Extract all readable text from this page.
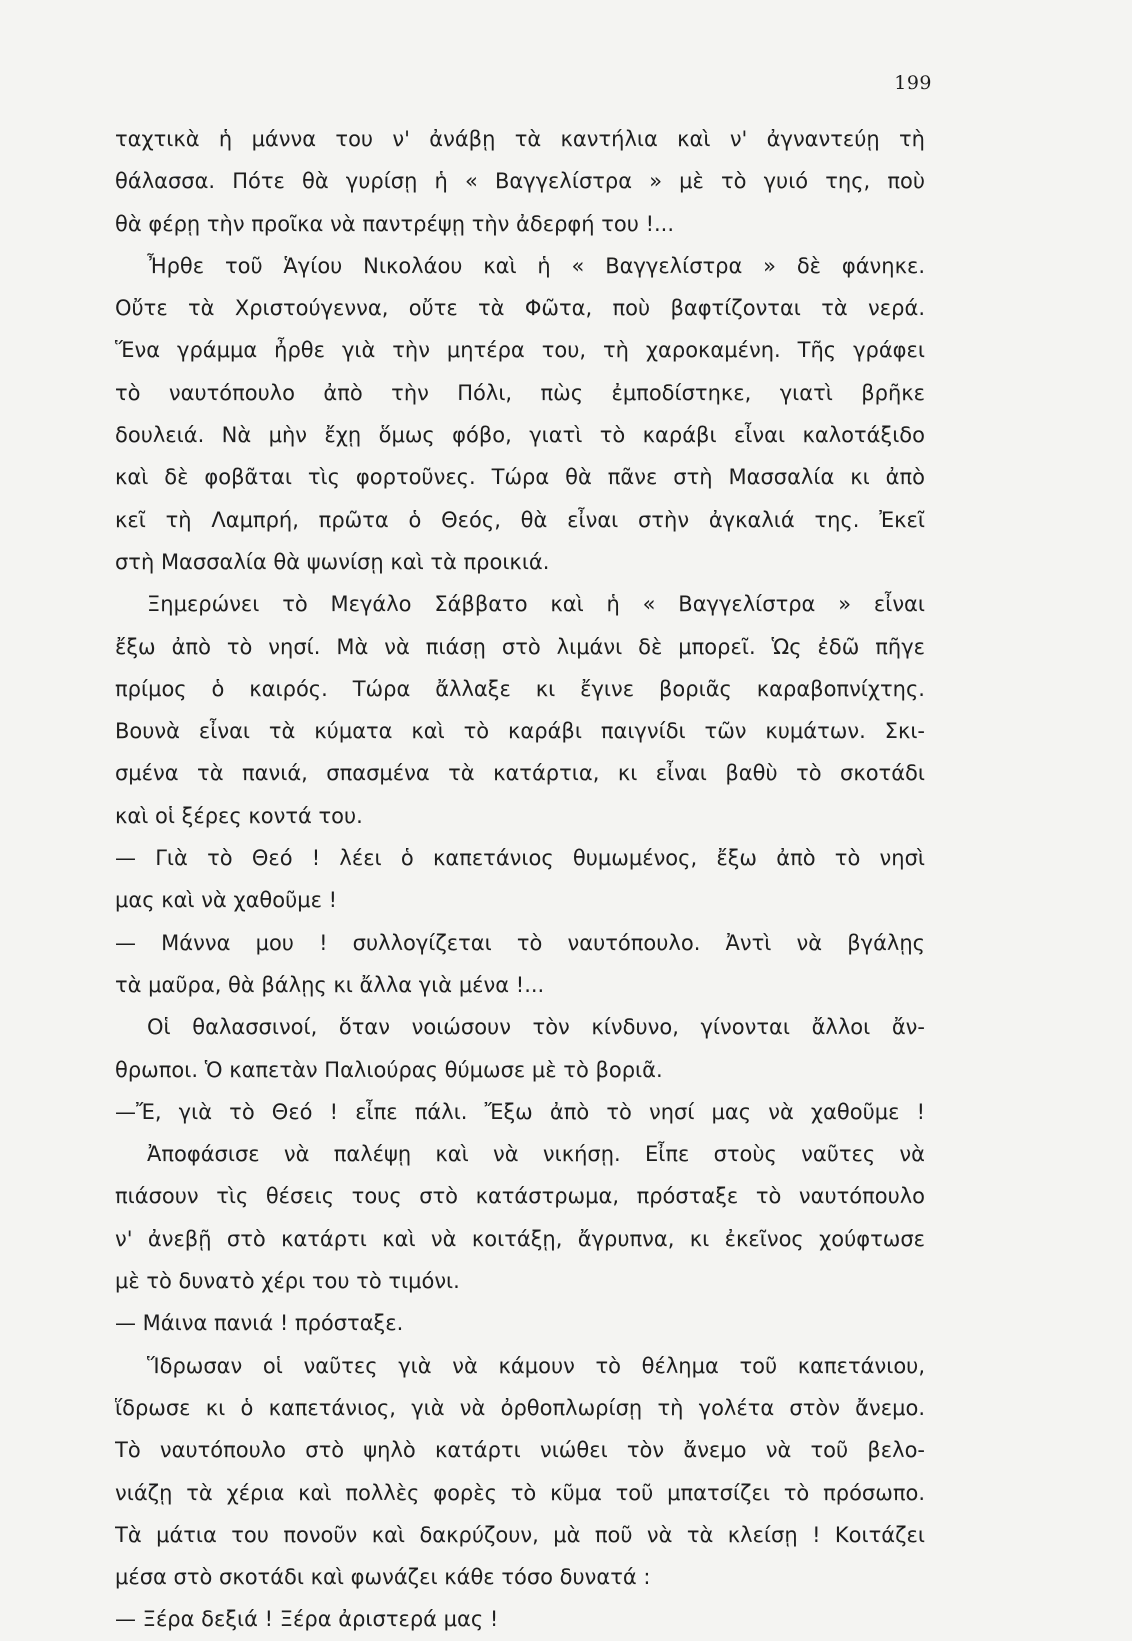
199
ταχτικὰ ἡ μάννα του ν' ἀνάβῃ τὰ καντήλια καὶ ν' ἀγναντεύῃ τὴ
θάλασσα. Πότε θὰ γυρίσῃ ἡ « Βαγγελίστρα » μὲ τὸ γυιό της, ποὺ
θὰ φέρῃ τὴν προῖκα νὰ παντρέψῃ τὴν ἀδερφή του !...
Ἦρθε τοῦ Ἁγίου Νικολάου καὶ ἡ « Βαγγελίστρα » δὲ φάνηκε.
Οὔτε τὰ Χριστούγεννα, οὔτε τὰ Φῶτα, ποὺ βαφτίζονται τὰ νερά.
Ἕνα γράμμα ἦρθε γιὰ τὴν μητέρα του, τὴ χαροκαμένη. Τῆς γράφει
τὸ ναυτόπουλο ἀπὸ τὴν Πόλι, πὼς ἐμποδίστηκε, γιατὶ βρῆκε
δουλειά. Νὰ μὴν ἔχῃ ὅμως φόβο, γιατὶ τὸ καράβι εἶναι καλοτάξιδο
καὶ δὲ φοβᾶται τὶς φορτοῦνες. Τώρα θὰ πᾶνε στὴ Μασσαλία κι ἀπὸ
κεῖ τὴ Λαμπρή, πρῶτα ὁ Θεός, θὰ εἶναι στὴν ἀγκαλιά της. Ἐκεῖ
στὴ Μασσαλία θὰ ψωνίσῃ καὶ τὰ προικιά.
Ξημερώνει τὸ Μεγάλο Σάββατο καὶ ἡ « Βαγγελίστρα » εἶναι
ἔξω ἀπὸ τὸ νησί. Μὰ νὰ πιάσῃ στὸ λιμάνι δὲ μπορεῖ. Ὡς ἐδῶ πῆγε
πρίμος ὁ καιρός. Τώρα ἄλλαξε κι ἔγινε βοριᾶς καραβοπνίχτης.
Βουνὰ εἶναι τὰ κύματα καὶ τὸ καράβι παιγνίδι τῶν κυμάτων. Σκι-
σμένα τὰ πανιά, σπασμένα τὰ κατάρτια, κι εἶναι βαθὺ τὸ σκοτάδι
καὶ οἱ ξέρες κοντά του.
— Γιὰ τὸ Θεό ! λέει ὁ καπετάνιος θυμωμένος, ἔξω ἀπὸ τὸ νησὶ
μας καὶ νὰ χαθοῦμε !
— Μάννα μου ! συλλογίζεται τὸ ναυτόπουλο. Ἀντὶ νὰ βγάλῃς
τὰ μαῦρα, θὰ βάλῃς κι ἄλλα γιὰ μένα !...
Οἱ θαλασσινοί, ὅταν νοιώσουν τὸν κίνδυνο, γίνονται ἄλλοι ἄν-
θρωποι. Ὁ καπετὰν Παλιούρας θύμωσε μὲ τὸ βοριᾶ.
—Ἔ, γιὰ τὸ Θεό ! εἶπε πάλι. Ἔξω ἀπὸ τὸ νησί μας νὰ χαθοῦμε !
Ἀποφάσισε νὰ παλέψῃ καὶ νὰ νικήσῃ. Εἶπε στοὺς ναῦτες νὰ
πιάσουν τὶς θέσεις τους στὸ κατάστρωμα, πρόσταξε τὸ ναυτόπουλο
ν' ἀνεβῇ στὸ κατάρτι καὶ νὰ κοιτάξῃ, ἄγρυπνα, κι ἐκεῖνος χούφτωσε
μὲ τὸ δυνατὸ χέρι του τὸ τιμόνι.
— Μάινα πανιά ! πρόσταξε.
Ἵδρωσαν οἱ ναῦτες γιὰ νὰ κάμουν τὸ θέλημα τοῦ καπετάνιου,
ἵδρωσε κι ὁ καπετάνιος, γιὰ νὰ ὀρθοπλωρίσῃ τὴ γολέτα στὸν ἄνεμο.
Τὸ ναυτόπουλο στὸ ψηλὸ κατάρτι νιώθει τὸν ἄνεμο νὰ τοῦ βελο-
νιάζῃ τὰ χέρια καὶ πολλὲς φορὲς τὸ κῦμα τοῦ μπατσίζει τὸ πρόσωπο.
Τὰ μάτια του πονοῦν καὶ δακρύζουν, μὰ ποῦ νὰ τὰ κλείσῃ ! Κοιτάζει
μέσα στὸ σκοτάδι καὶ φωνάζει κάθε τόσο δυνατά :
— Ξέρα δεξιά ! Ξέρα ἀριστερά μας !
